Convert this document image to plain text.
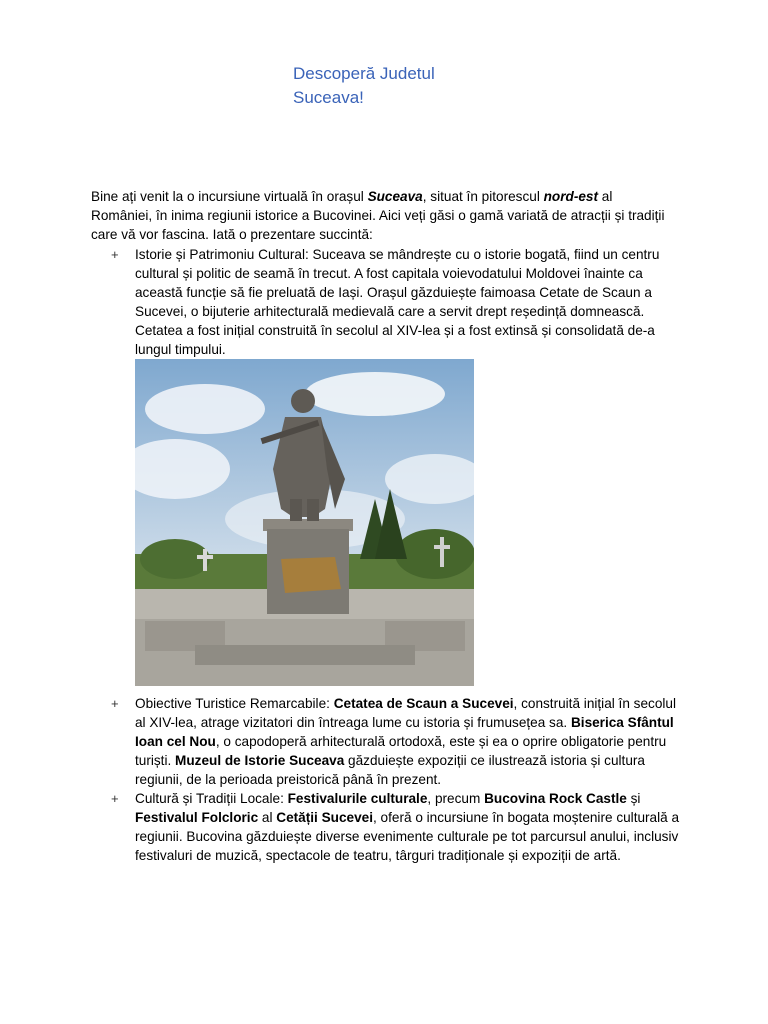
Descoperă Judetul
Suceava!

Bine ați venit la o incursiune virtuală în orașul Suceava, situat în pitorescul nord-est al României, în inima regiunii istorice a Bucovinei. Aici veți găsi o gamă variată de atracții și tradiții care vă vor fascina. Iată o prezentare succintă:

+ Istorie și Patrimoniu Cultural: Suceava se mândrește cu o istorie bogată, fiind un centru cultural și politic de seamă în trecut. A fost capitala voievodatului Moldovei înainte ca această funcție să fie preluată de Iași. Orașul găzduiește faimoasa Cetate de Scaun a Sucevei, o bijuterie arhitecturală medievală care a servit drept reședință domnească. Cetatea a fost inițial construită în secolul al XIV-lea și a fost extinsă și consolidată de-a lungul timpului.
+ Obiective Turistice Remarcabile: Cetatea de Scaun a Sucevei, construită inițial în secolul al XIV-lea, atrage vizitatori din întreaga lume cu istoria și frumusețea sa. Biserica Sfântul Ioan cel Nou, o capodoperă arhitecturală ortodoxă, este și ea o oprire obligatorie pentru turiști. Muzeul de Istorie Suceava găzduiește expoziții ce ilustrează istoria și cultura regiunii, de la perioada preistorică până în prezent.
+ Cultură și Tradiții Locale: Festivalurile culturale, precum Bucovina Rock Castle și Festivalul Folcloric al Cetății Sucevei, oferă o incursiune în bogata moștenire culturală a regiunii. Bucovina găzduiește diverse evenimente culturale pe tot parcursul anului, inclusiv festivaluri de muzică, spectacole de teatru, târguri tradiționale și expoziții de artă.
